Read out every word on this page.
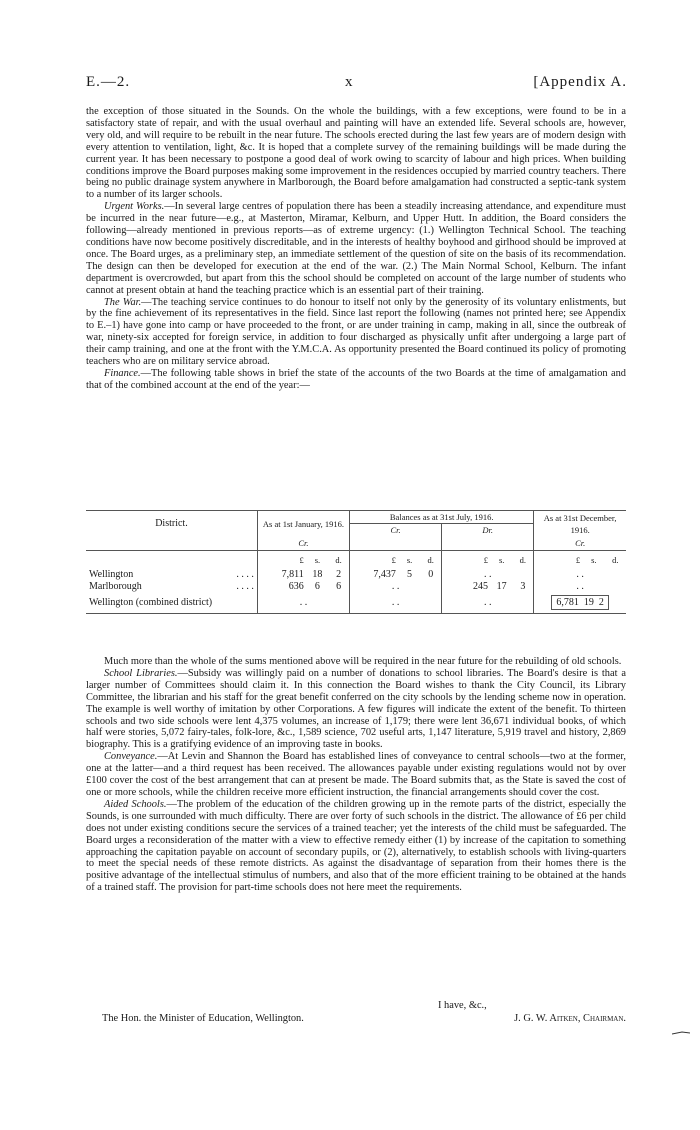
E.—2.	x	[Appendix A.

the exception of those situated in the Sounds. On the whole the buildings, with a few exceptions, were found to be in a satisfactory state of repair, and with the usual overhaul and painting will have an extended life. Several schools are, however, very old, and will require to be rebuilt in the near future. The schools erected during the last few years are of modern design with every attention to ventilation, light, &c. It is hoped that a complete survey of the remaining buildings will be made during the current year. It has been necessary to postpone a good deal of work owing to scarcity of labour and high prices. When building conditions improve the Board purposes making some improvement in the residences occupied by married country teachers. There being no public drainage system anywhere in Marlborough, the Board before amalgamation had constructed a septic-tank system to a number of its larger schools.

Urgent Works.—In several large centres of population there has been a steadily increasing attendance, and expenditure must be incurred in the near future—e.g., at Masterton, Miramar, Kelburn, and Upper Hutt. In addition, the Board considers the following—already mentioned in previous reports—as of extreme urgency: (1.) Wellington Technical School. The teaching conditions have now become positively discreditable, and in the interests of healthy boyhood and girlhood should be improved at once. The Board urges, as a preliminary step, an immediate settlement of the question of site on the basis of its recommendation. The design can then be developed for execution at the end of the war. (2.) The Main Normal School, Kelburn. The infant department is overcrowded, but apart from this the school should be completed on account of the large number of students who cannot at present obtain at hand the teaching practice which is an essential part of their training.

The War.—The teaching service continues to do honour to itself not only by the generosity of its voluntary enlistments, but by the fine achievement of its representatives in the field. Since last report the following (names not printed here; see Appendix to E.–1) have gone into camp or have proceeded to the front, or are under training in camp, making in all, since the outbreak of war, ninety-six accepted for foreign service, in addition to four discharged as physically unfit after undergoing a large part of their camp training, and one at the front with the Y.M.C.A. As opportunity presented the Board continued its policy of promoting teachers who are on military service abroad.

Finance.—The following table shows in brief the state of the accounts of the two Boards at the time of amalgamation and that of the combined account at the end of the year:—

District.	As at 1st January, 1916.			Balances as at 31st July, 1916.						As at 31st December, 1916.		
				Cr.			Dr.					
	Cr.									Cr.		
	£	s.	d.	£	s.	d.	£	s.	d.	£	s.	d.
Wellington . . . .	7,811	18	2	7,437	5	0	. .			. .		
Marlborough . . . .	636	6	6	. .			245	17	3	. .		
Wellington (combined district)	. .			. .			. .			6,781 19 2		

Much more than the whole of the sums mentioned above will be required in the near future for the rebuilding of old schools.

School Libraries.—Subsidy was willingly paid on a number of donations to school libraries. The Board's desire is that a larger number of Committees should claim it. In this connection the Board wishes to thank the City Council, its Library Committee, the librarian and his staff for the great benefit conferred on the city schools by the lending scheme now in operation. The example is well worthy of imitation by other Corporations. A few figures will indicate the extent of the benefit. To thirteen schools and two side schools were lent 4,375 volumes, an increase of 1,179; there were lent 36,671 individual books, of which half were stories, 5,072 fairy-tales, folk-lore, &c., 1,589 science, 702 useful arts, 1,147 literature, 5,919 travel and history, 2,869 biography. This is a gratifying evidence of an improving taste in books.

Conveyance.—At Levin and Shannon the Board has established lines of conveyance to central schools—two at the former, one at the latter—and a third request has been received. The allowances payable under existing regulations would not by over £100 cover the cost of the best arrangement that can at present be made. The Board submits that, as the State is saved the cost of one or more schools, while the children receive more efficient instruction, the financial arrangements should cover the cost.

Aided Schools.—The problem of the education of the children growing up in the remote parts of the district, especially the Sounds, is one surrounded with much difficulty. There are over forty of such schools in the district. The allowance of £6 per child does not under existing conditions secure the services of a trained teacher; yet the interests of the child must be safeguarded. The Board urges a reconsideration of the matter with a view to effective remedy either (1) by increase of the capitation to something approaching the capitation payable on account of secondary pupils, or (2), alternatively, to establish schools with living-quarters to meet the special needs of these remote districts. As against the disadvantage of separation from their homes there is the positive advantage of the intellectual stimulus of numbers, and also that of the more efficient training to be obtained at the hands of a trained staff. The provision for part-time schools does not here meet the requirements.

I have, &c.,
The Hon. the Minister of Education, Wellington.	J. G. W. Aitken, Chairman.
